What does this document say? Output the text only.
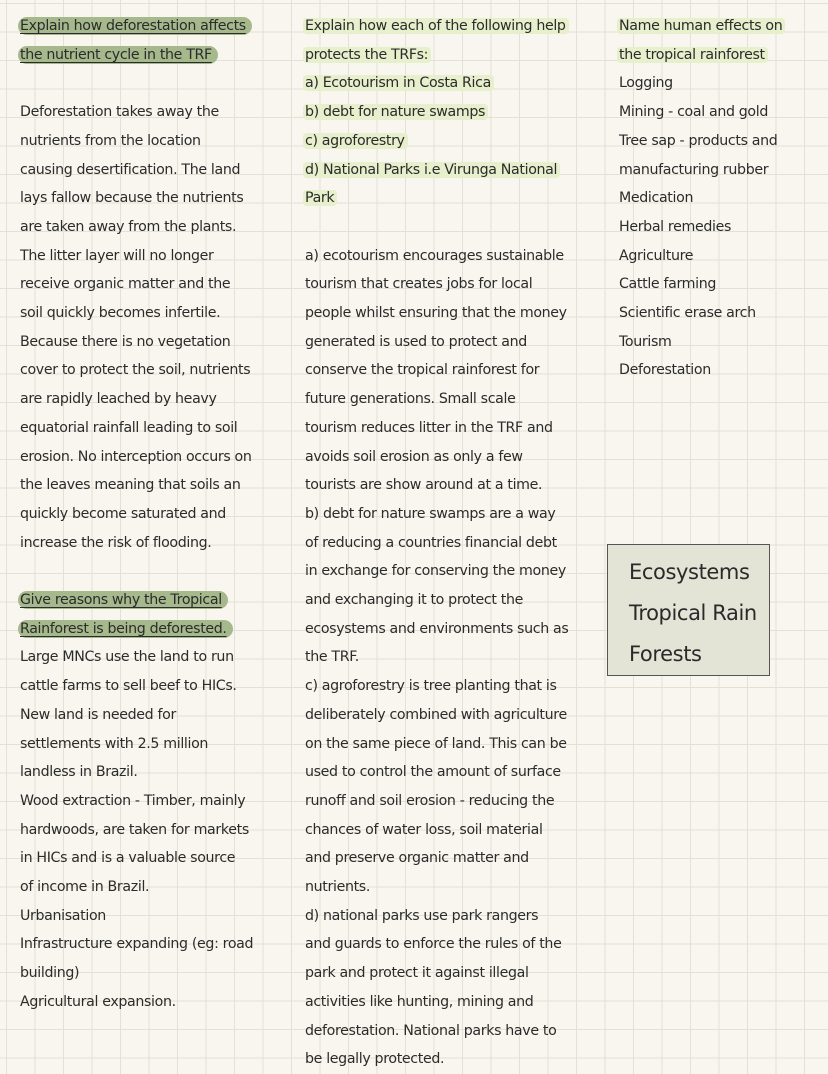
Explain how deforestation affects
the nutrient cycle in the TRF
Deforestation takes away the
nutrients from the location
causing desertification. The land
lays fallow because the nutrients
are taken away from the plants.
The litter layer will no longer
receive organic matter and the
soil quickly becomes infertile.
Because there is no vegetation
cover to protect the soil, nutrients
are rapidly leached by heavy
equatorial rainfall leading to soil
erosion. No interception occurs on
the leaves meaning that soils an
quickly become saturated and
increase the risk of flooding.
Give reasons why the Tropical
Rainforest is being deforested.
Large MNCs use the land to run
cattle farms to sell beef to HICs.
New land is needed for
settlements with 2.5 million
landless in Brazil.
Wood extraction - Timber, mainly
hardwoods, are taken for markets
in HICs and is a valuable source
of income in Brazil.
Urbanisation
Infrastructure expanding (eg: road
building)
Agricultural expansion.
Explain how each of the following help
protects the TRFs:
a) Ecotourism in Costa Rica
b) debt for nature swamps
c) agroforestry
d) National Parks i.e Virunga National
Park
a) ecotourism encourages sustainable
tourism that creates jobs for local
people whilst ensuring that the money
generated is used to protect and
conserve the tropical rainforest for
future generations. Small scale
tourism reduces litter in the TRF and
avoids soil erosion as only a few
tourists are show around at a time.
b) debt for nature swamps are a way
of reducing a countries financial debt
in exchange for conserving the money
and exchanging it to protect the
ecosystems and environments such as
the TRF.
c) agroforestry is tree planting that is
deliberately combined with agriculture
on the same piece of land. This can be
used to control the amount of surface
runoff and soil erosion - reducing the
chances of water loss, soil material
and preserve organic matter and
nutrients.
d) national parks use park rangers
and guards to enforce the rules of the
park and protect it against illegal
activities like hunting, mining and
deforestation. National parks have to
be legally protected.
Name human effects on
the tropical rainforest
Logging
Mining - coal and gold
Tree sap - products and
manufacturing rubber
Medication
Herbal remedies
Agriculture
Cattle farming
Scientific erase arch
Tourism
Deforestation
Ecosystems
Tropical Rain
Forests
